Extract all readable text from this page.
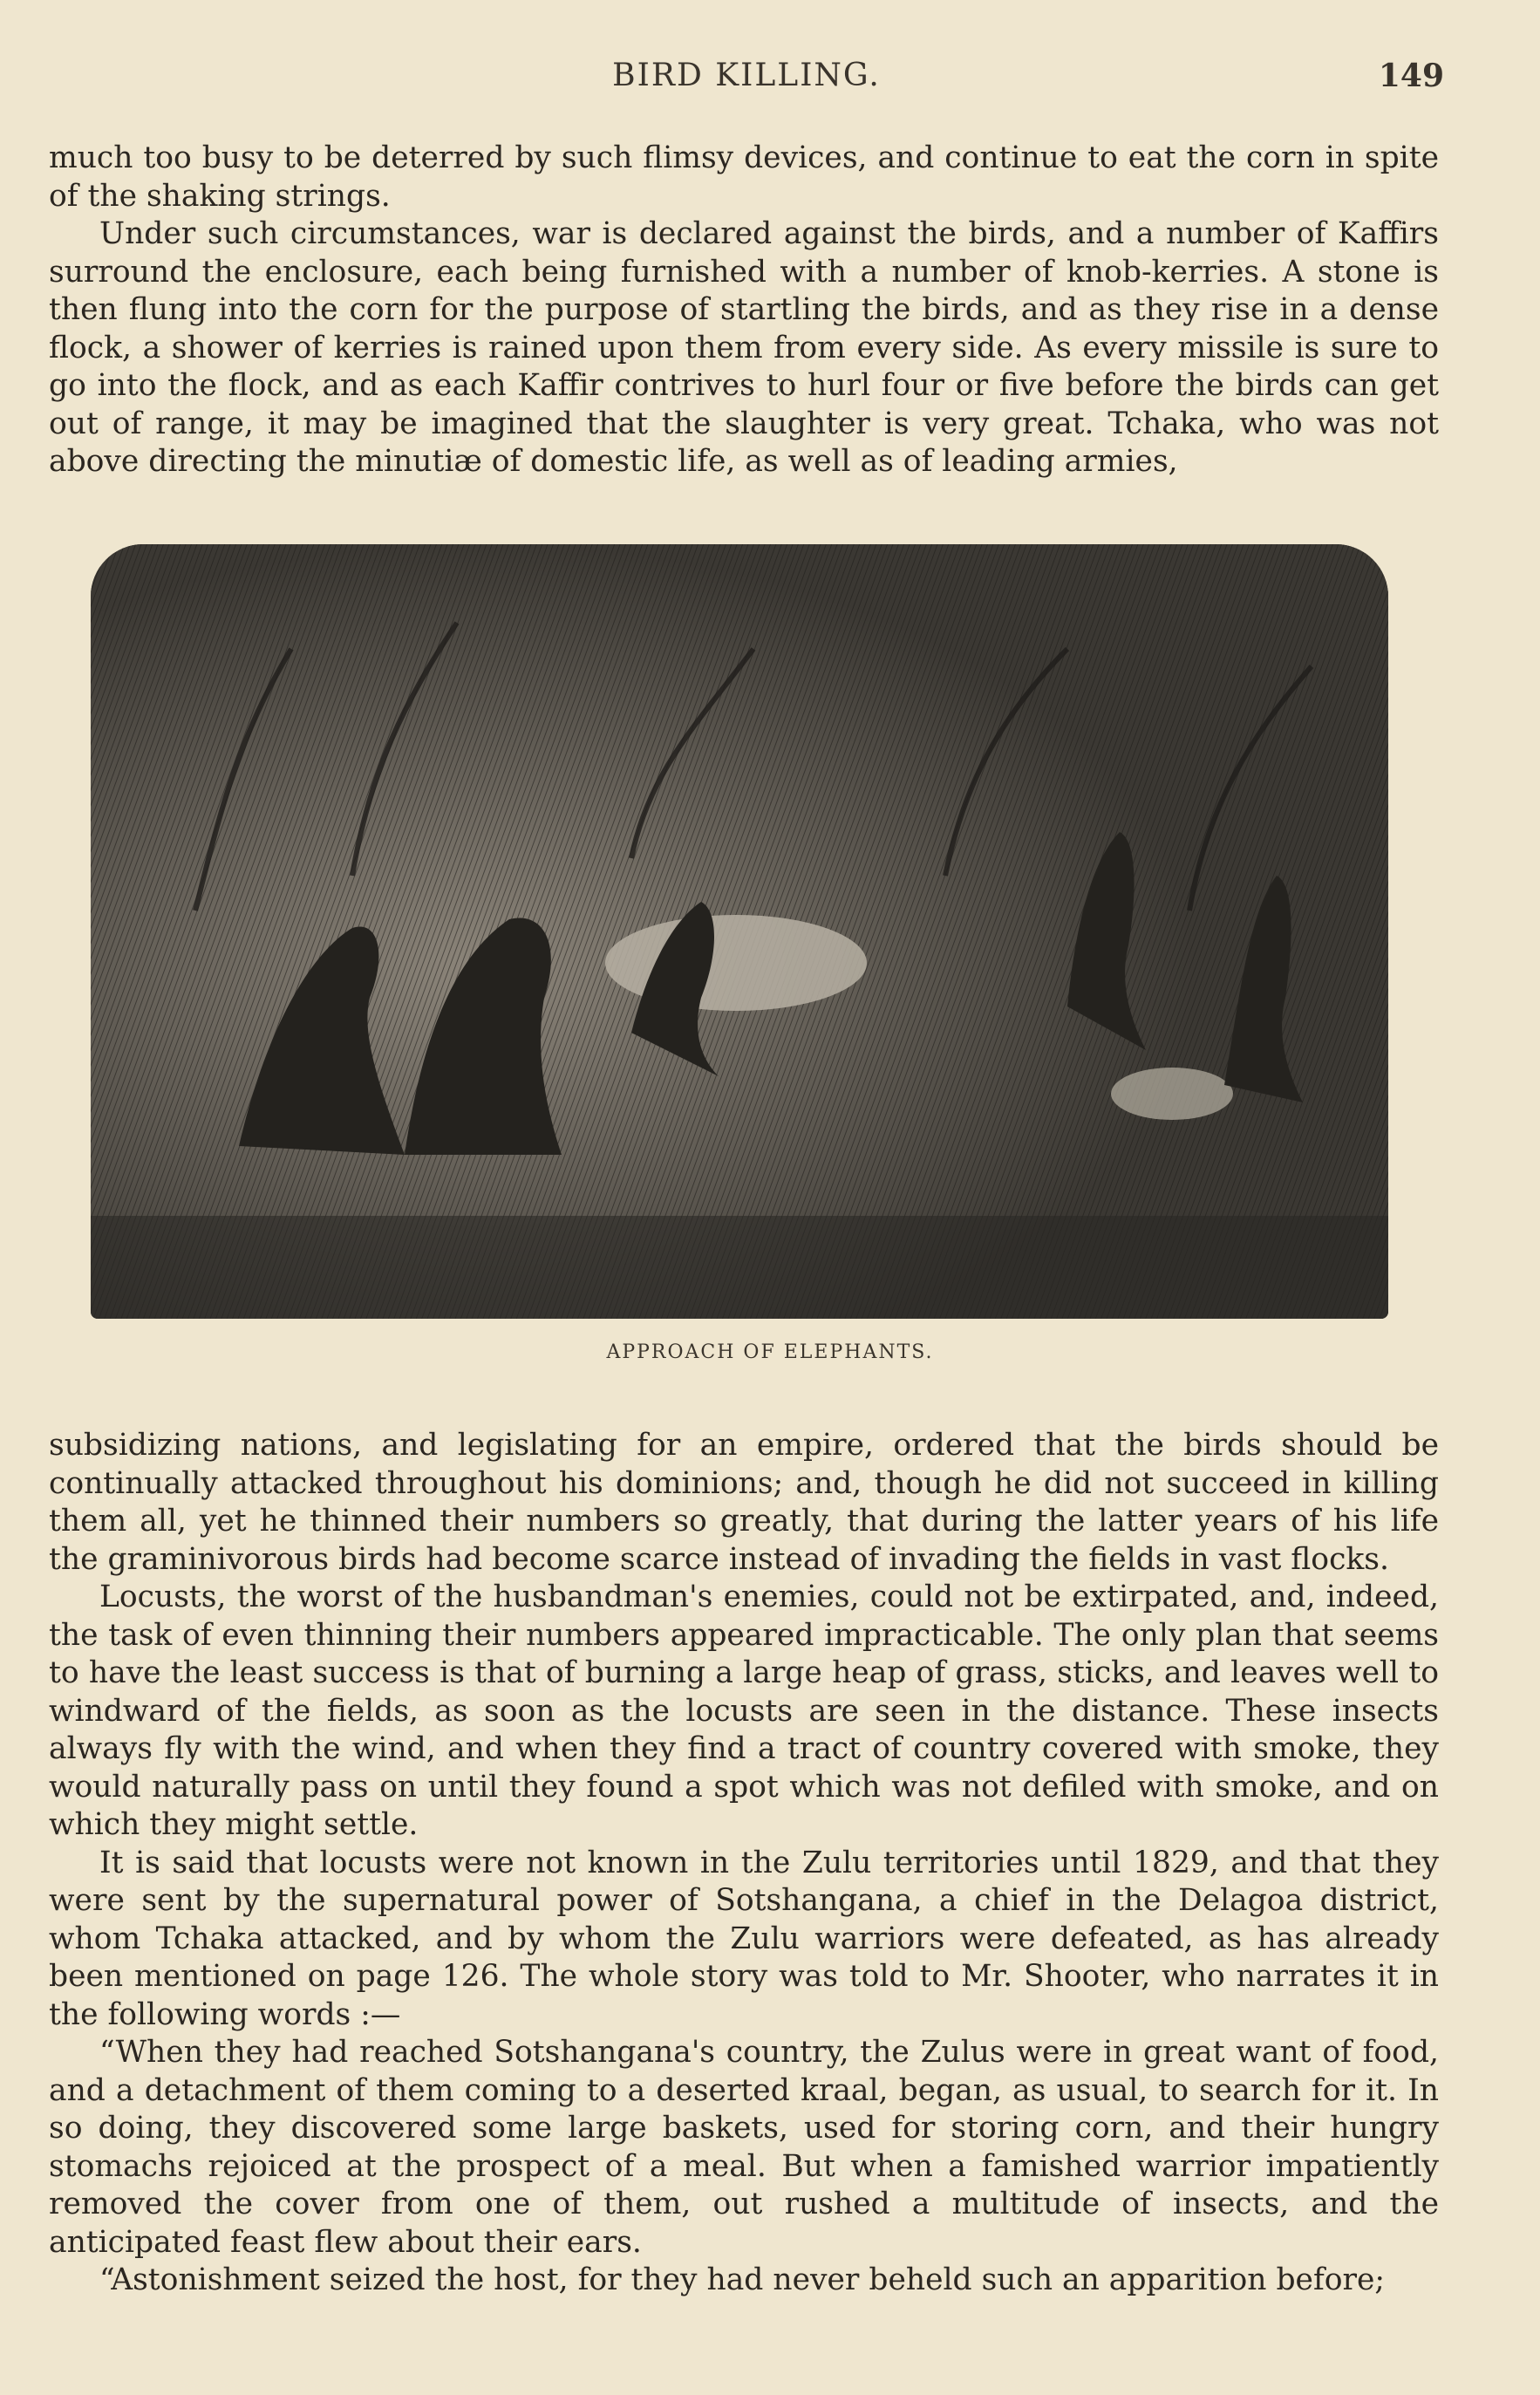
BIRD KILLING.	149

much too busy to be deterred by such flimsy devices, and continue to eat the corn in spite of the shaking strings.

Under such circumstances, war is declared against the birds, and a number of Kaffirs surround the enclosure, each being furnished with a number of knob-kerries. A stone is then flung into the corn for the purpose of startling the birds, and as they rise in a dense flock, a shower of kerries is rained upon them from every side. As every missile is sure to go into the flock, and as each Kaffir contrives to hurl four or five before the birds can get out of range, it may be imagined that the slaughter is very great. Tchaka, who was not above directing the minutiæ of domestic life, as well as of leading armies,

APPROACH OF ELEPHANTS.

subsidizing nations, and legislating for an empire, ordered that the birds should be continually attacked throughout his dominions; and, though he did not succeed in killing them all, yet he thinned their numbers so greatly, that during the latter years of his life the graminivorous birds had become scarce instead of invading the fields in vast flocks.

Locusts, the worst of the husbandman's enemies, could not be extirpated, and, indeed, the task of even thinning their numbers appeared impracticable. The only plan that seems to have the least success is that of burning a large heap of grass, sticks, and leaves well to windward of the fields, as soon as the locusts are seen in the distance. These insects always fly with the wind, and when they find a tract of country covered with smoke, they would naturally pass on until they found a spot which was not defiled with smoke, and on which they might settle.

It is said that locusts were not known in the Zulu territories until 1829, and that they were sent by the supernatural power of Sotshangana, a chief in the Delagoa district, whom Tchaka attacked, and by whom the Zulu warriors were defeated, as has already been mentioned on page 126. The whole story was told to Mr. Shooter, who narrates it in the following words :—

“When they had reached Sotshangana's country, the Zulus were in great want of food, and a detachment of them coming to a deserted kraal, began, as usual, to search for it. In so doing, they discovered some large baskets, used for storing corn, and their hungry stomachs rejoiced at the prospect of a meal. But when a famished warrior impatiently removed the cover from one of them, out rushed a multitude of insects, and the anticipated feast flew about their ears.

“Astonishment seized the host, for they had never beheld such an apparition before;
